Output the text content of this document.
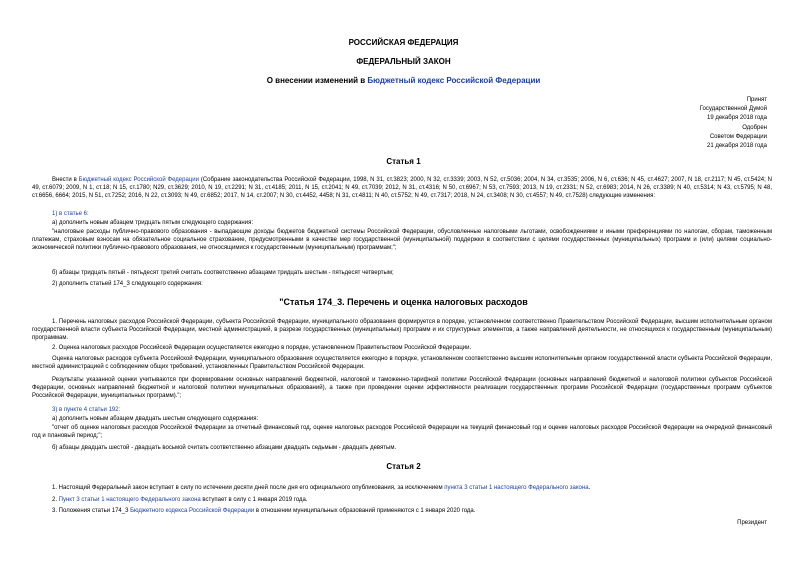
РОССИЙСКАЯ ФЕДЕРАЦИЯ
ФЕДЕРАЛЬНЫЙ ЗАКОН
О внесении изменений в Бюджетный кодекс Российской Федерации
Принят
Государственной Думой
19 декабря 2018 года
Одобрен
Советом Федерации
21 декабря 2018 года
Статья 1
Внести в Бюджетный кодекс Российской Федерации (Собрание законодательства Российской Федерации, 1998, N 31, ст.3823; 2000, N 32, ст.3339; 2003, N 52, ст.5036; 2004, N 34, ст.3535; 2006, N 6, ст.636; N 45, ст.4627; 2007, N 18, ст.2117; N 45, ст.5424; N 49, ст.6079; 2009, N 1, ст.18; N 15, ст.1780; N29, ст.3629; 2010, N 19, ст.2291; N 31, ст.4185; 2011, N 15, ст.2041; N 49, ст.7039; 2012, N 31, ст.4316; N 50, ст.6967; N 53, ст.7593; 2013, N 19, ст.2331; N 52, ст.6983; 2014, N 26, ст.3389; N 40, ст.5314; N 43, ст.5795; N 48, ст.6656, 6664; 2015, N 51, ст.7252; 2016, N 22, ст.3093; N 49, ст.6852; 2017, N 14, ст.2007; N 30, ст.4452, 4458; N 31, ст.4811; N 40, ст.5752; N 49, ст.7317; 2018, N 24, ст.3408; N 30, ст.4557; N 49, ст.7528) следующие изменения:
1) в статье 6:
а) дополнить новым абзацем тридцать пятым следующего содержания:
"налоговые расходы публично-правового образования - выпадающие доходы бюджетов бюджетной системы Российской Федерации, обусловленные налоговыми льготами, освобождениями и иными преференциями по налогам, сборам, таможенным платежам, страховым взносам на обязательное социальное страхование, предусмотренными в качестве мер государственной (муниципальной) поддержки в соответствии с целями государственных (муниципальных) программ и (или) целями социально-экономической политики публично-правового образования, не относящимися к государственным (муниципальным) программам;";
б) абзацы тридцать пятый - пятьдесят третий считать соответственно абзацами тридцать шестым - пятьдесят четвертым;
2) дополнить статьей 174_3 следующего содержания:
"Статья 174_3. Перечень и оценка налоговых расходов
1. Перечень налоговых расходов Российской Федерации, субъекта Российской Федерации, муниципального образования формируется в порядке, установленном соответственно Правительством Российской Федерации, высшим исполнительным органом государственной власти субъекта Российской Федерации, местной администрацией, в разрезе государственных (муниципальных) программ и их структурных элементов, а также направлений деятельности, не относящихся к государственным (муниципальным) программам.
2. Оценка налоговых расходов Российской Федерации осуществляется ежегодно в порядке, установленном Правительством Российской Федерации.
Оценка налоговых расходов субъекта Российской Федерации, муниципального образования осуществляется ежегодно в порядке, установленном соответственно высшим исполнительным органом государственной власти субъекта Российской Федерации, местной администрацией с соблюдением общих требований, установленных Правительством Российской Федерации.
Результаты указанной оценки учитываются при формировании основных направлений бюджетной, налоговой и таможенно-тарифной политики Российской Федерации (основных направлений бюджетной и налоговой политики субъектов Российской Федерации, основных направлений бюджетной и налоговой политики муниципальных образований), а также при проведении оценки эффективности реализации государственных программ Российской Федерации (государственных программ субъектов Российской Федерации, муниципальных программ).";
3) в пункте 4 статьи 192:
а) дополнить новым абзацем двадцать шестым следующего содержания:
"отчет об оценке налоговых расходов Российской Федерации за отчетный финансовый год, оценке налоговых расходов Российской Федерации на текущий финансовый год и оценке налоговых расходов Российской Федерации на очередной финансовый год и плановый период;";
б) абзацы двадцать шестой - двадцать восьмой считать соответственно абзацами двадцать седьмым - двадцать девятым.
Статья 2
1. Настоящий Федеральный закон вступает в силу по истечении десяти дней после дня его официального опубликования, за исключением пункта 3 статьи 1 настоящего Федерального закона.
2. Пункт 3 статьи 1 настоящего Федерального закона вступает в силу с 1 января 2019 года.
3. Положения статьи 174_3 Бюджетного кодекса Российской Федерации в отношении муниципальных образований применяются с 1 января 2020 года.
Президент
